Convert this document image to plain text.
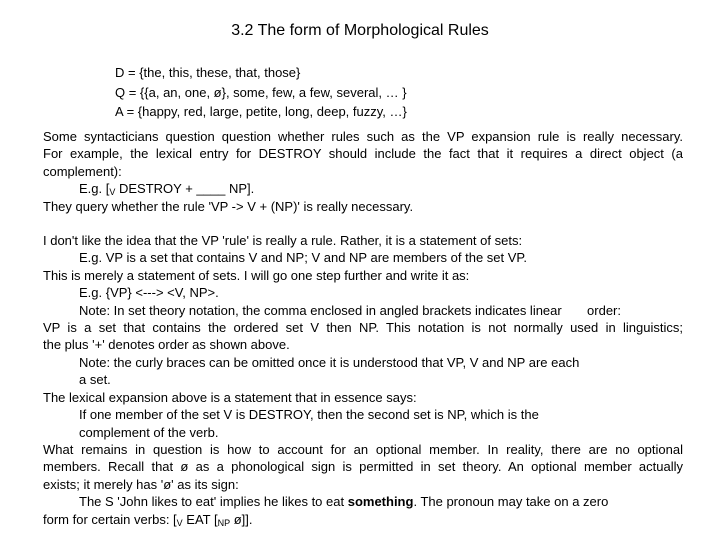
3.2 The form of Morphological Rules
D = {the, this, these, that, those}
Q = {{a, an, one, ø}, some, few, a few, several, … }
A = {happy, red, large, petite, long, deep, fuzzy, …}

Some syntacticians question question whether rules such as the VP expansion rule is really necessary.

For example, the lexical entry for DESTROY should include the fact that it requires a direct object (a

complement):

E.g. [$_V$ DESTROY + ____ NP].

They query whether the rule 'VP -> V + (NP)' is really necessary.

I don't like the idea that the VP 'rule' is really a rule. Rather, it is a statement of sets:

E.g. VP is a set that contains V and NP; V and NP are members of the set VP.

This is merely a statement of sets. I will go one step further and write it as:

E.g. {VP} <---> <V, NP>.

Note: In set theory notation, the comma enclosed in angled brackets indicates linear order:

VP is a set that contains the ordered set V then NP. This notation is not normally used in linguistics;

the plus '+' denotes order as shown above.

Note: the curly braces can be omitted once it is understood that VP, V and NP are each

a set.

The lexical expansion above is a statement that in essence says:

If one member of the set V is DESTROY, then the second set is NP, which is the

complement of the verb.

What remains in question is how to account for an optional member. In reality, there are no optional

members. Recall that ø as a phonological sign is permitted in set theory. An optional member actually

exists; it merely has 'ø' as its sign:

The S 'John likes to eat' implies he likes to eat something. The pronoun may take on a zero

form for certain verbs: [$_V$ EAT [$_{NP}$ ø]].
